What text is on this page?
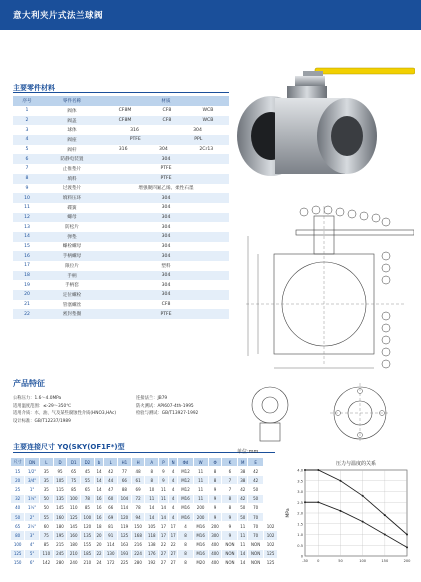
意大利夹片式法兰球阀
主要零件材料
序号	零件名称	材质
1	阀体	CF8M CF8 WCB

2	阀盖	CF8M CF8 WCB

3	球体	316 304

4	阀座	PTFE PPL

5	阀杆	316 304 2Cr13

6	防静电装置	304

7	止推垫片	PTFE

8	填料	PTFE

9	过渡垫片	增强聚四氟乙烯、柔性石墨

10	填料压环	304

11	碟簧	304

12	螺母	304

13	防松片	304

14	弹垫	304

15	螺栓螺母	304

16	手柄螺母	304

17	限位片	塑料

18	手柄	304

19	手柄套	304

20	定位螺栓	304

21	管塞螺丝	CF8

22	密封垫圈	PTFE
产品特征
公称压力：1.6～4.0MPa
适用温度范围：≤-29～350℃
适用介质：水、油、气及某些腐蚀性介质(HNO3,HAc)
设计标准：GB/T12237/1989
连接法兰：JB79
防火测试：API607-4th-1995
检验与测试：GB/T13927-1992
主要连接尺寸 YQ(SKY(OF1F*)型
单位:mm
尺寸	DN	L	D	D1	D2	b	L	H1	H	A	P	N	Φd	W	Φ	K	M	E	
15	1/2"	35	95	65	45	14	42	77	48	8	9	4	M12	11	8	6	38	42	
20	3/4"	35	105	75	55	14	44	66	61	8	9	4	M12	11	8	7	38	42	
25	1"	35	115	85	65	14	47	88	69	10	11	4	M12	11	9	7	42	50	
32	1¼"	50	135	100	78	16	60	104	72	11	11	4	M16	11	9	8	42	50	
40	1½"	50	145	110	85	16	66	114	78	14	14	4	M16	200	9	8	50	70	
50	2"	55	160	125	100	16	69	120	94	14	14	4	M16	200	9	9	50	70	
65	2½"	60	180	145	120	18	81	119	150	105	17	17	4	M16	200	9	11	70	102
80	3"	75	195	160	135	20	91	125	168	118	17	17	8	M16	300	9	11	70	102
100	4"	85	215	180	155	20	114	163	216	138	22	22	8	M16	400	NON	11	NON	102
125	5"	110	245	210	185	22	130	193	224	176	27	27	8	M16	400	NON	14	NON	125
150	6"	142	280	240	210	24	172	225	280	192	27	27	8	M20	400	NON	14	NON	125
压力与温度的关系
MPa
0
0.5
1.0
1.5
2.0
2.5
3.0
3.5
4.0
-30	0	50	100	150	200
